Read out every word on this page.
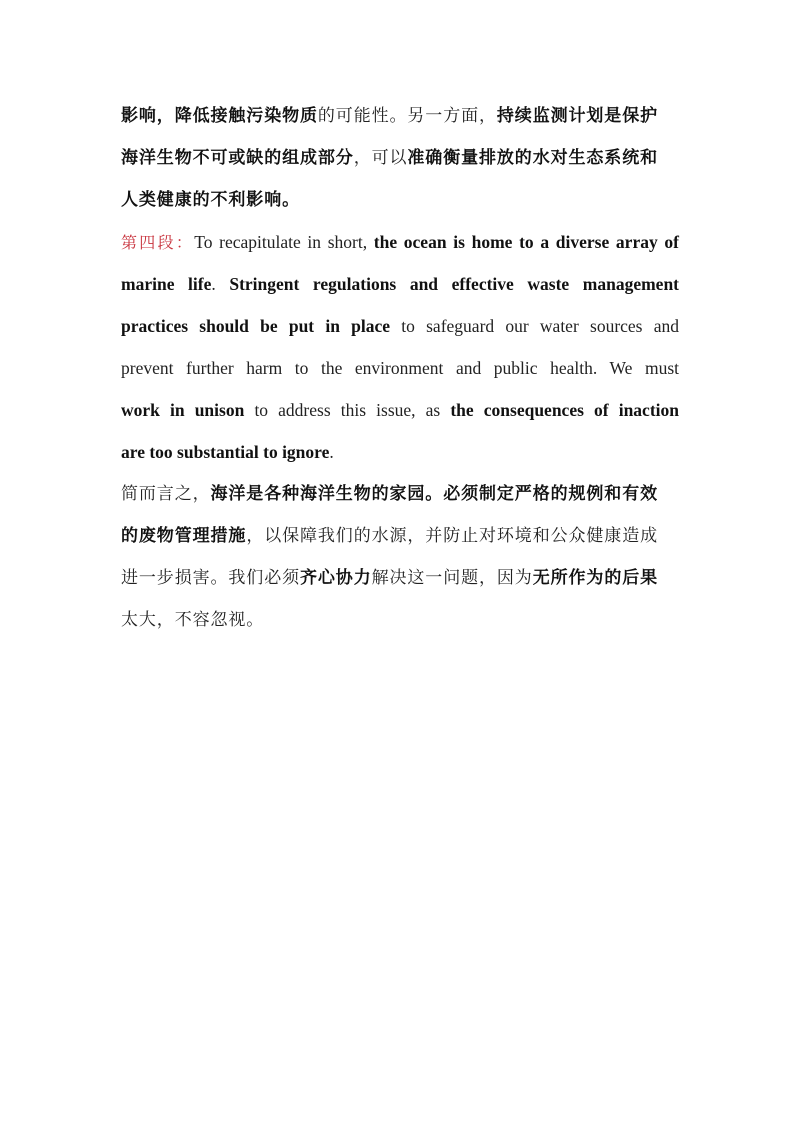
影响，降低接触污染物质的可能性。另一方面，持续监测计划是保护
海洋生物不可或缺的组成部分，可以准确衡量排放的水对生态系统和
人类健康的不利影响。
第四段：To recapitulate in short, the ocean is home to a diverse array of
marine life. Stringent regulations and effective waste management
practices should be put in place to safeguard our water sources and
prevent further harm to the environment and public health. We must
work in unison to address this issue, as the consequences of inaction
are too substantial to ignore.
简而言之，海洋是各种海洋生物的家园。必须制定严格的规例和有效
的废物管理措施，以保障我们的水源，并防止对环境和公众健康造成
进一步损害。我们必须齐心协力解决这一问题，因为无所作为的后果
太大，不容忽视。
